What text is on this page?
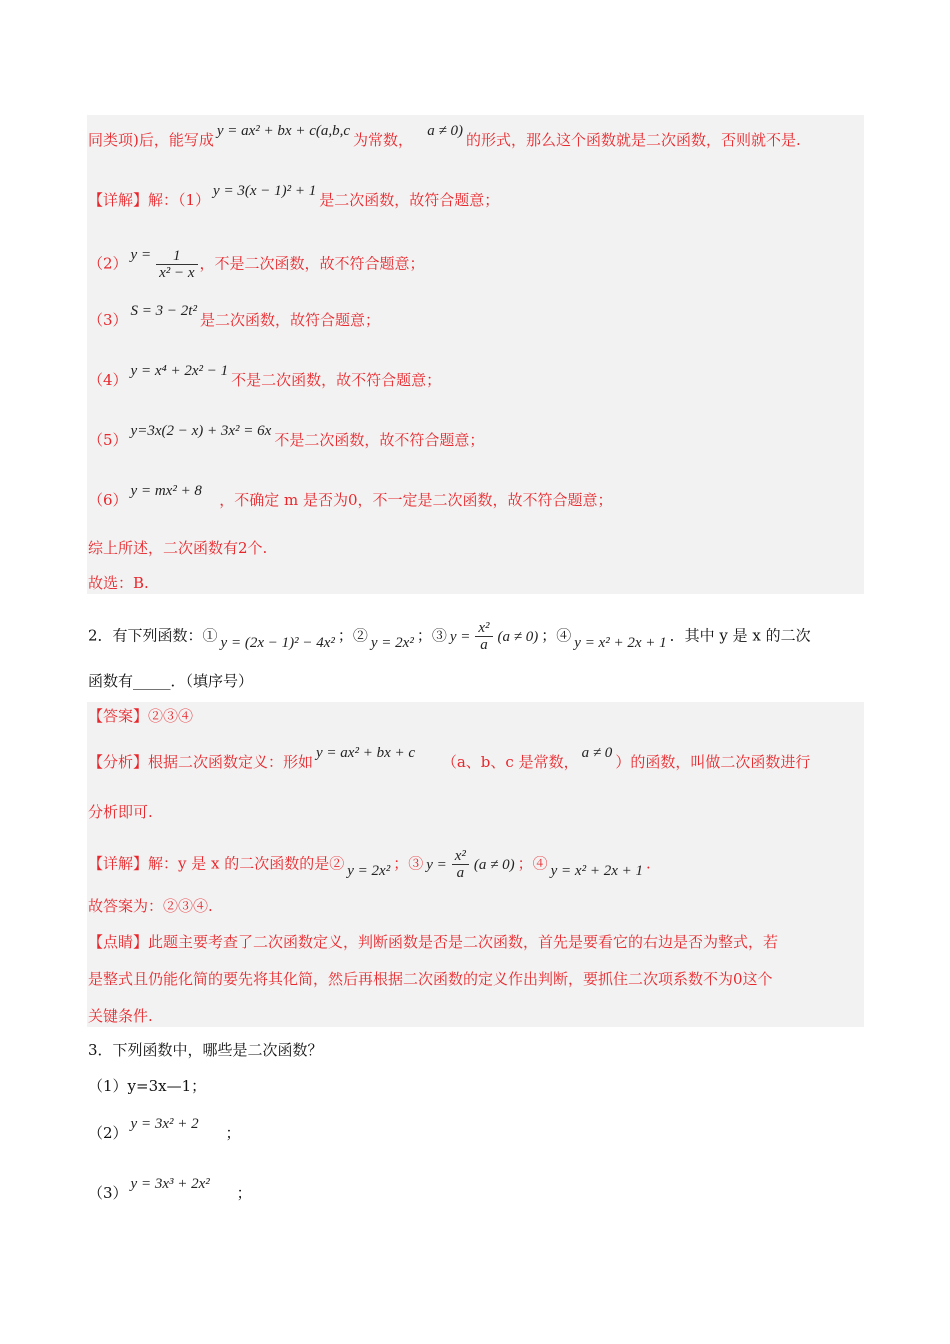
同类项)后，能写成 y = ax² + bx + c(a,b,c 为常数，   a ≠ 0) 的形式，那么这个函数就是二次函数，否则就不是.
【详解】解：（1） y = 3(x − 1)² + 1 是二次函数，故符合题意；
（2） $y = \frac{1}{\text{x² − x}}$ ，不是二次函数，故不符合题意；
（3） S = 3 − 2t² 是二次函数，故符合题意；
（4） y = x⁴ + 2x² − 1 不是二次函数，故不符合题意；
（5） y=3x(2 − x) + 3x² = 6x 不是二次函数，故不符合题意；
（6） y = mx² + 8   ，不确定 m 是否为0，不一定是二次函数，故不符合题意；
综上所述，二次函数有2个.
故选：B.
2．有下列函数：① y = (2x − 1)² − 4x² ；② y = 2x² ；③ $y = \frac{\text{x²}}{a} (a \ne 0)$ ；④ y = x² + 2x + 1 ．其中 y 是 x 的二次
函数有_____．（填序号）
【答案】②③④
【分析】根据二次函数定义：形如 y = ax² + bx + c     （a、b、c 是常数， a ≠ 0 ）的函数，叫做二次函数进行
分析即可.
【详解】解：y 是 x 的二次函数的是② y = 2x² ；③ $y = \frac{\text{x²}}{a} (a \ne 0)$ ；④ y = x² + 2x + 1 .
故答案为：②③④.
【点睛】此题主要考查了二次函数定义，判断函数是否是二次函数，首先是要看它的右边是否为整式，若
是整式且仍能化简的要先将其化简，然后再根据二次函数的定义作出判断，要抓住二次项系数不为0这个
关键条件.
3．下列函数中，哪些是二次函数？
（1）y=3x—1；
（2） y = 3x² + 2     ；
（3） y = 3x³ + 2x²     ；
